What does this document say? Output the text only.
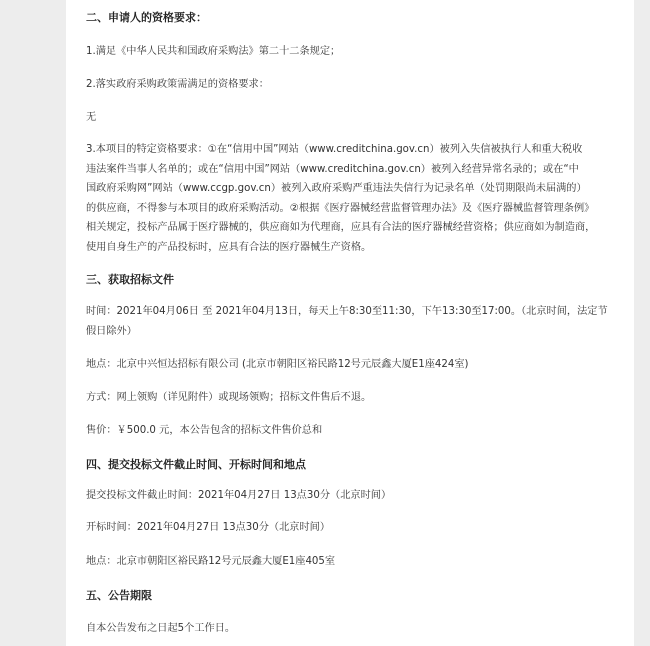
二、申请人的资格要求：

1.满足《中华人民共和国政府采购法》第二十二条规定；

2.落实政府采购政策需满足的资格要求：

无

3.本项目的特定资格要求：①在“信用中国”网站（www.creditchina.gov.cn）被列入失信被执行人和重大税收

违法案件当事人名单的；或在“信用中国”网站（www.creditchina.gov.cn）被列入经营异常名录的；或在“中

国政府采购网”网站（www.ccgp.gov.cn）被列入政府采购严重违法失信行为记录名单（处罚期限尚未届满的）

的供应商，不得参与本项目的政府采购活动。②根据《医疗器械经营监督管理办法》及《医疗器械监督管理条例》

相关规定，投标产品属于医疗器械的，供应商如为代理商，应具有合法的医疗器械经营资格；供应商如为制造商，

使用自身生产的产品投标时，应具有合法的医疗器械生产资格。

三、获取招标文件

时间：2021年04月06日 至 2021年04月13日，每天上午8:30至11:30，下午13:30至17:00。（北京时间，法定节

假日除外）

地点：北京中兴恒达招标有限公司 (北京市朝阳区裕民路12号元辰鑫大厦E1座424室)

方式：网上领购（详见附件）或现场领购；招标文件售后不退。

售价：￥500.0 元，本公告包含的招标文件售价总和

四、提交投标文件截止时间、开标时间和地点

提交投标文件截止时间：2021年04月27日 13点30分（北京时间）

开标时间：2021年04月27日 13点30分（北京时间）

地点：北京市朝阳区裕民路12号元辰鑫大厦E1座405室

五、公告期限

自本公告发布之日起5个工作日。
